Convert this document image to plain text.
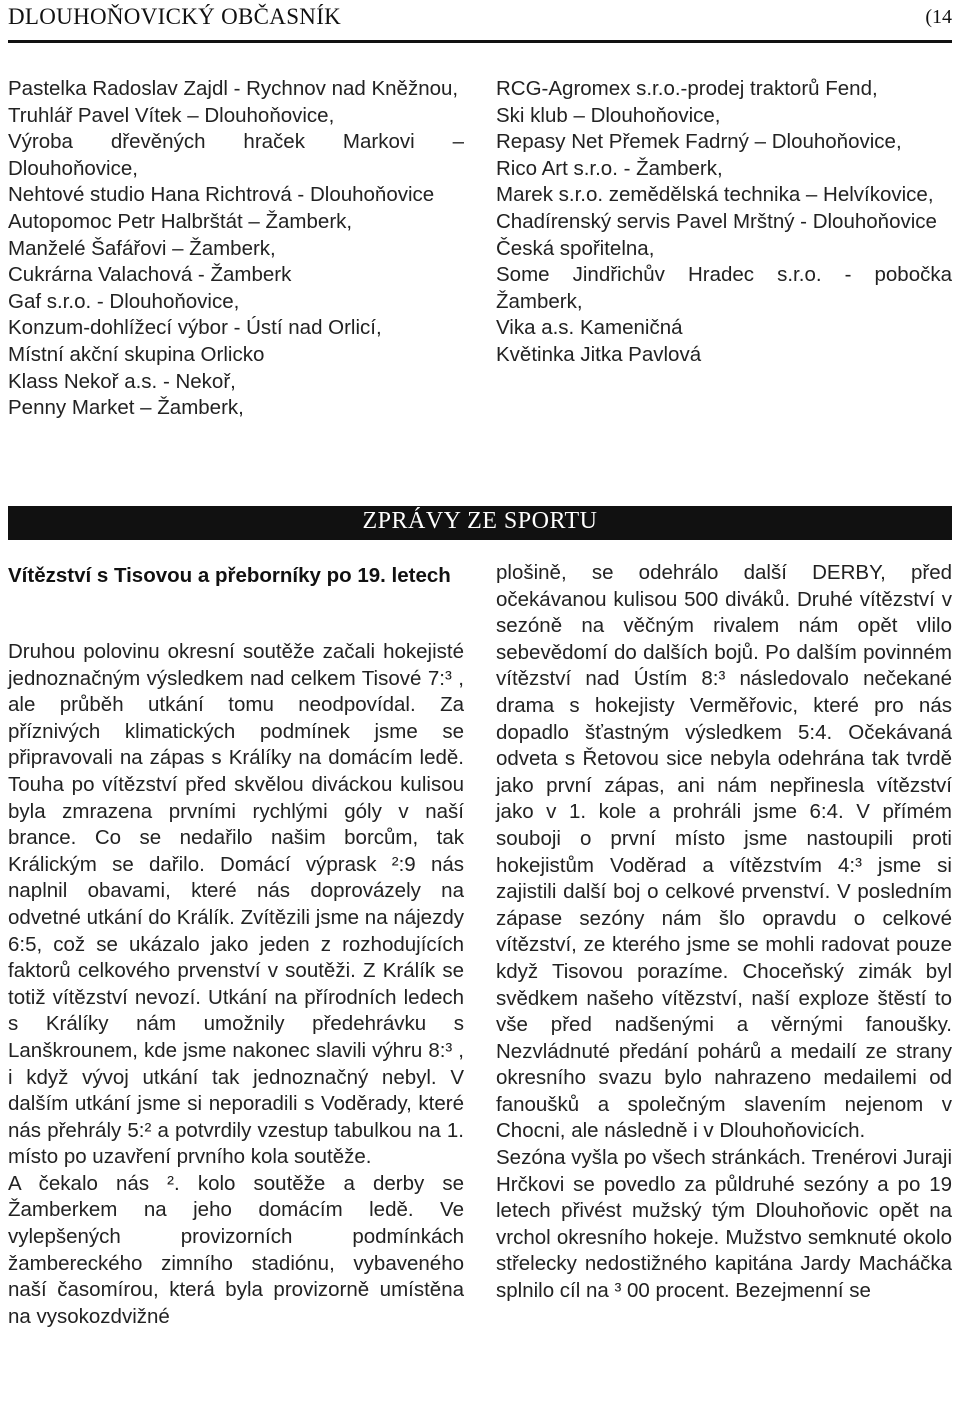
DLOUHOŇOVICKÝ OBČASNÍK	(14
Pastelka Radoslav Zajdl - Rychnov nad Kněžnou,
Truhlář Pavel Vítek – Dlouhoňovice,
Výroba dřevěných hraček Markovi – Dlouhoňovice,
Nehtové studio Hana Richtrová - Dlouhoňovice
Autopomoc Petr Halbrštát – Žamberk,
Manželé Šafářovi – Žamberk,
Cukrárna Valachová - Žamberk
Gaf s.r.o. - Dlouhoňovice,
Konzum-dohlížecí výbor - Ústí nad Orlicí,
Místní akční skupina Orlicko
Klass Nekoř a.s. - Nekoř,
Penny Market – Žamberk,
RCG-Agromex s.r.o.-prodej traktorů Fend,
Ski klub – Dlouhoňovice,
Repasy Net Přemek Fadrný – Dlouhoňovice,
Rico Art s.r.o. - Žamberk,
Marek s.r.o. zemědělská technika – Helvíkovice,
Chadírenský servis Pavel Mrštný - Dlouhoňovice
Česká spořitelna,
Some Jindřichův Hradec s.r.o. - pobočka Žamberk,
Vika a.s. Kameničná
Květinka Jitka Pavlová
ZPRÁVY ZE SPORTU
Vítězství s Tisovou a přeborníky po 19. letech

Druhou polovinu okresní soutěže začali hokejisté jednoznačným výsledkem nad celkem Tisové 7:³ , ale průběh utkání tomu neodpovídal. Za příznivých klimatických podmínek jsme se připravovali na zápas s Králíky na domácím ledě. Touha po vítězství před skvělou diváckou kulisou byla zmrazena prvními rychlými góly v naší brance. Co se nedařilo našim borcům, tak Králickým se dařilo. Domácí výprask ²:9 nás naplnil obavami, které nás doprovázely na odvetné utkání do Králík. Zvítězili jsme na nájezdy 6:5, což se ukázalo jako jeden z rozhodujících faktorů celkového prvenství v soutěži. Z Králík se totiž vítězství nevozí. Utkání na přírodních ledech s Králíky nám umožnily předehrávku s Lanškrounem, kde jsme nakonec slavili výhru 8:³ , i když vývoj utkání tak jednoznačný nebyl. V dalším utkání jsme si neporadili s Voděrady, které nás přehrály 5:² a potvrdily vzestup tabulkou na 1. místo po uzavření prvního kola soutěže.

A čekalo nás ². kolo soutěže a derby se Žamberkem na jeho domácím ledě. Ve vylepšených provizorních podmínkách žambereckého zimního stadiónu, vybaveného naší časomírou, která byla provizorně umístěna na vysokozdvižné

plošině, se odehrálo další DERBY, před očekávanou kulisou 500 diváků. Druhé vítězství v sezóně na věčným rivalem nám opět vlilo sebevědomí do dalších bojů. Po dalším povinném vítězství nad Ústím 8:³ následovalo nečekané drama s hokejisty Verměřovic, které pro nás dopadlo šťastným výsledkem 5:4. Očekávaná odveta s Řetovou sice nebyla odehrána tak tvrdě jako první zápas, ani nám nepřinesla vítězství jako v 1. kole a prohráli jsme 6:4. V přímém souboji o první místo jsme nastoupili proti hokejistům Voděrad a vítězstvím 4:³ jsme si zajistili další boj o celkové prvenství. V posledním zápase sezóny nám šlo opravdu o celkové vítězství, ze kterého jsme se mohli radovat pouze když Tisovou porazíme. Choceňský zimák byl svědkem našeho vítězství, naší exploze štěstí to vše před nadšenými a věrnými fanoušky. Nezvládnuté předání pohárů a medailí ze strany okresního svazu bylo nahrazeno medailemi od fanoušků a společným slavením nejenom v Chocni, ale následně i v Dlouhoňovicích.

Sezóna vyšla po všech stránkách. Trenérovi Juraji Hrčkovi se povedlo za půldruhé sezóny a po 19 letech přivést mužský tým Dlouhoňovic opět na vrchol okresního hokeje. Mužstvo semknuté okolo střelecky nedostižného kapitána Jardy Macháčka splnilo cíl na ³ 00 procent. Bezejmenní se
